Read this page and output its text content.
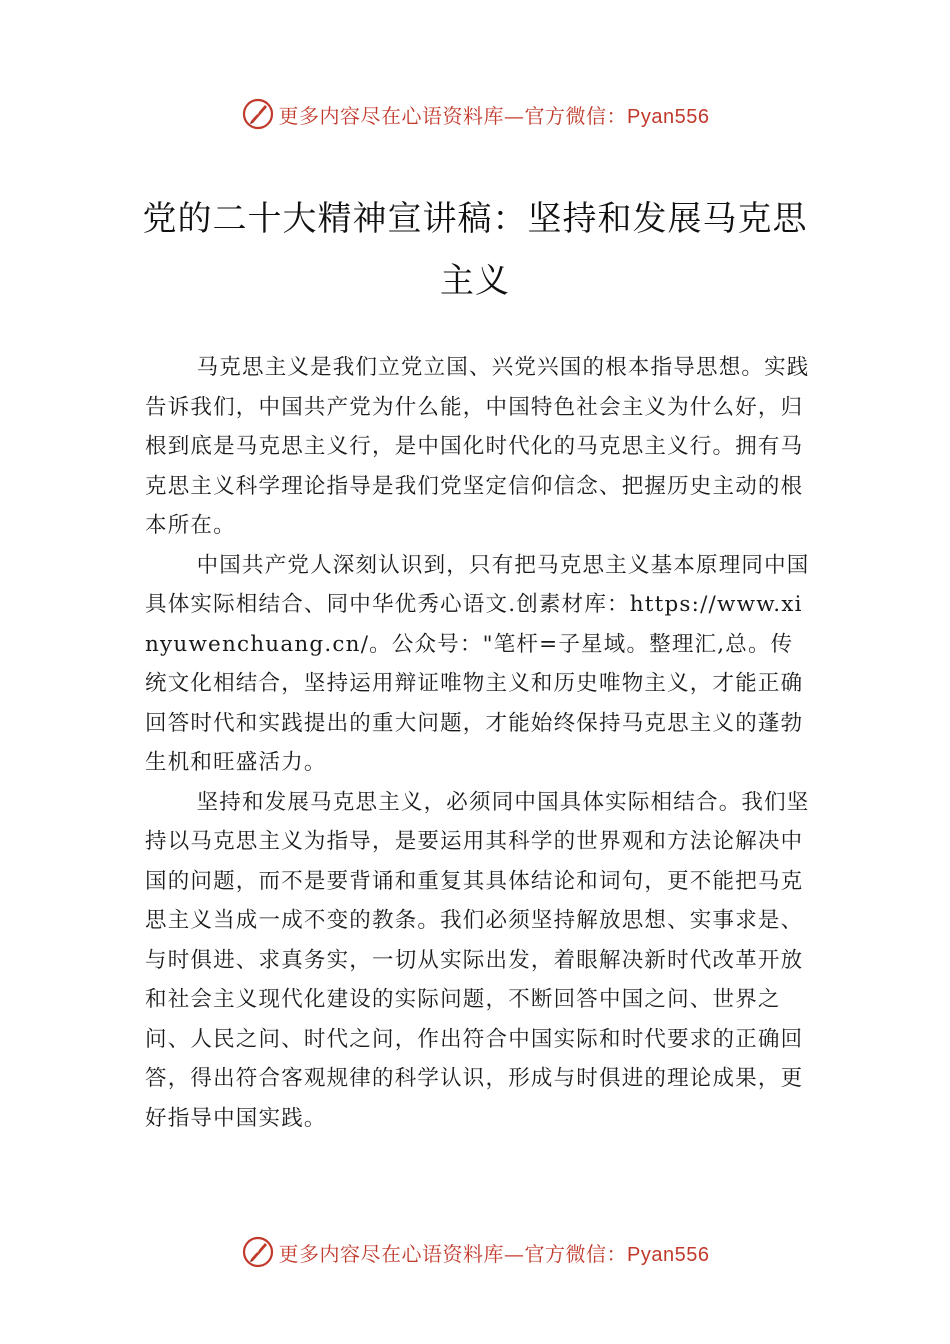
更多内容尽在心语资料库—官方微信：Pyan556
党的二十大精神宣讲稿：坚持和发展马克思主义

马克思主义是我们立党立国、兴党兴国的根本指导思想。实践告诉我们，中国共产党为什么能，中国特色社会主义为什么好，归根到底是马克思主义行，是中国化时代化的马克思主义行。拥有马克思主义科学理论指导是我们党坚定信仰信念、把握历史主动的根本所在。

中国共产党人深刻认识到，只有把马克思主义基本原理同中国具体实际相结合、同中华优秀心语文.创素材库：https://www.xinyuwenchuang.cn/。公众号："笔杆=子星域。整理汇,总。传统文化相结合，坚持运用辩证唯物主义和历史唯物主义，才能正确回答时代和实践提出的重大问题，才能始终保持马克思主义的蓬勃生机和旺盛活力。

坚持和发展马克思主义，必须同中国具体实际相结合。我们坚持以马克思主义为指导，是要运用其科学的世界观和方法论解决中国的问题，而不是要背诵和重复其具体结论和词句，更不能把马克思主义当成一成不变的教条。我们必须坚持解放思想、实事求是、与时俱进、求真务实，一切从实际出发，着眼解决新时代改革开放和社会主义现代化建设的实际问题，不断回答中国之问、世界之问、人民之问、时代之问，作出符合中国实际和时代要求的正确回答，得出符合客观规律的科学认识，形成与时俱进的理论成果，更好指导中国实践。

更多内容尽在心语资料库—官方微信：Pyan556
